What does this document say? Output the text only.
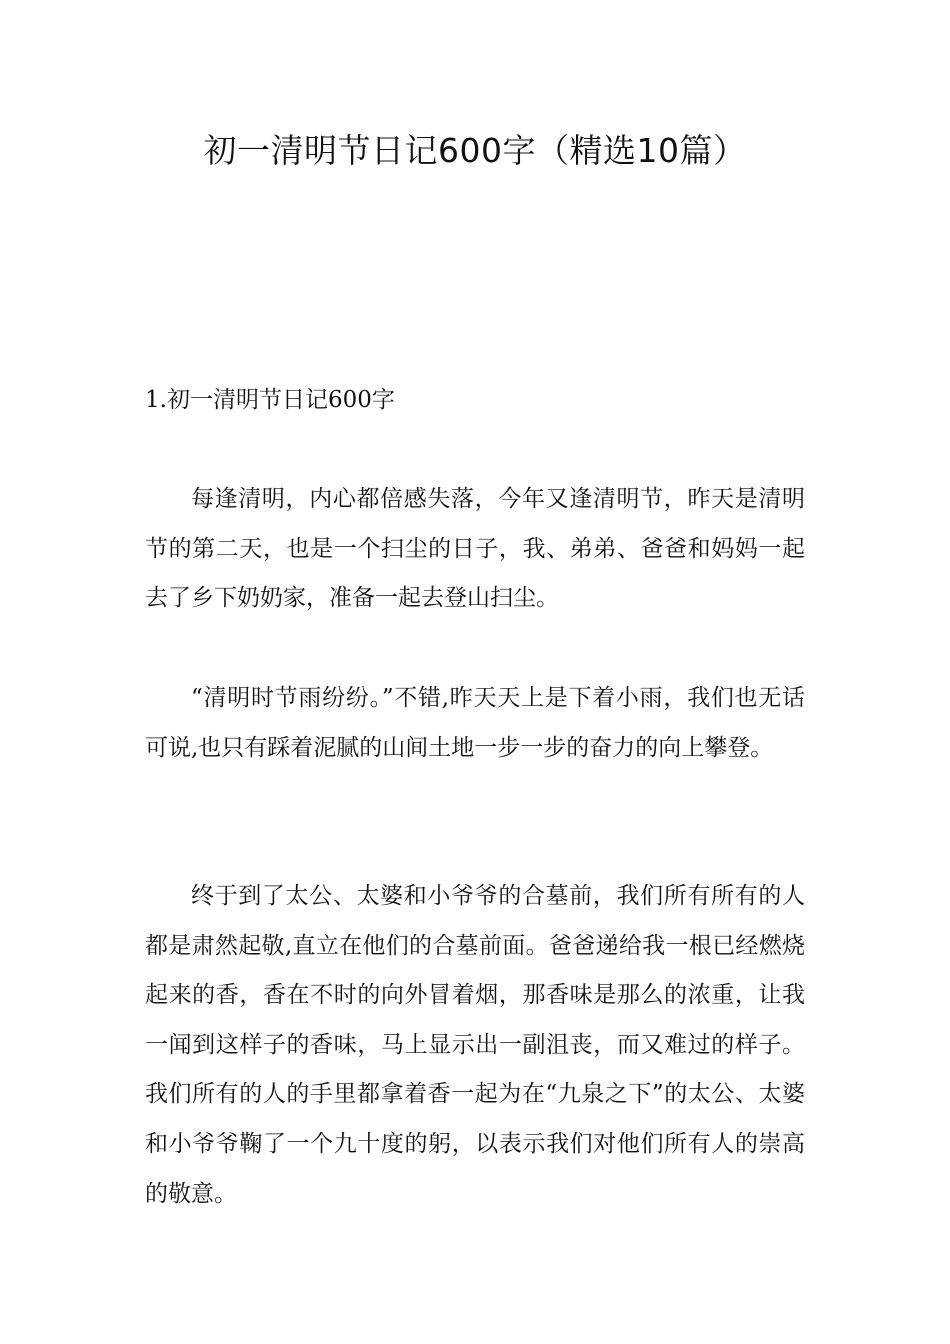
初一清明节日记600字（精选10篇）
1.初一清明节日记600字

每逢清明，内心都倍感失落，今年又逢清明节，昨天是清明节的第二天，也是一个扫尘的日子，我、弟弟、爸爸和妈妈一起去了乡下奶奶家，准备一起去登山扫尘。

“清明时节雨纷纷。”不错,昨天天上是下着小雨，我们也无话可说,也只有踩着泥腻的山间土地一步一步的奋力的向上攀登。

终于到了太公、太婆和小爷爷的合墓前，我们所有所有的人都是肃然起敬,直立在他们的合墓前面。爸爸递给我一根已经燃烧起来的香，香在不时的向外冒着烟，那香味是那么的浓重，让我一闻到这样子的香味，马上显示出一副沮丧，而又难过的样子。我们所有的人的手里都拿着香一起为在“九泉之下”的太公、太婆和小爷爷鞠了一个九十度的躬，以表示我们对他们所有人的崇高的敬意。
